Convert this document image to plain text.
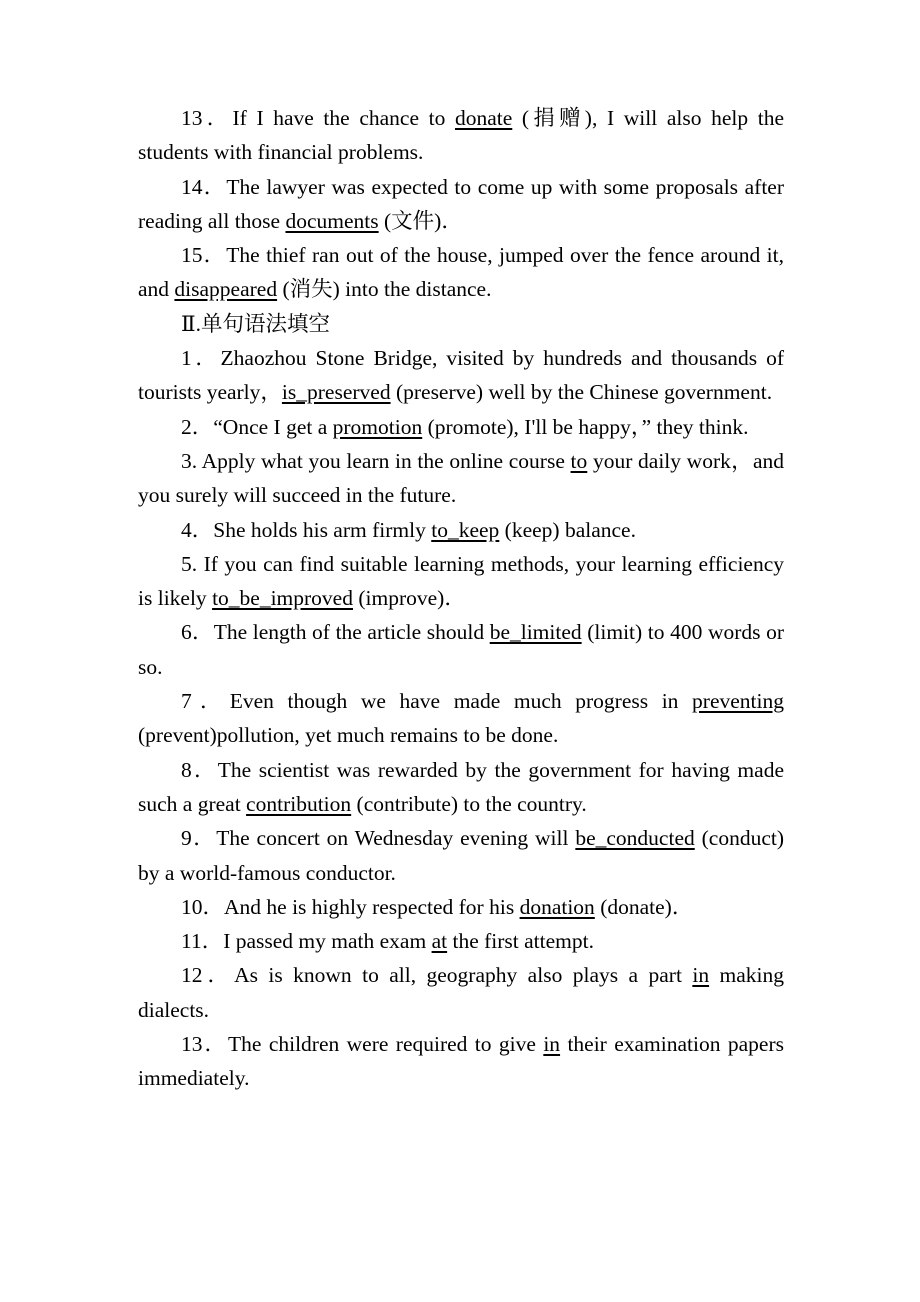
13．If I have the chance to donate (捐赠), I will also help the students with financial problems.

14．The lawyer was expected to come up with some proposals after reading all those documents (文件)．

15．The thief ran out of the house, jumped over the fence around it, and disappeared (消失) into the distance.

Ⅱ.单句语法填空

1．Zhaozhou Stone Bridge, visited by hundreds and thousands of tourists yearly，is_preserved (preserve) well by the Chinese government.

2．“Once I get a promotion (promote), I'll be happy，” they think.

3. Apply what you learn in the online course to your daily work，and you surely will succeed in the future.

4．She holds his arm firmly to_keep (keep) balance.

5. If you can find suitable learning methods, your learning efficiency is likely to_be_improved (improve)．

6．The length of the article should be_limited (limit) to 400 words or so.

7．Even though we have made much progress in preventing (prevent)pollution, yet much remains to be done.

8．The scientist was rewarded by the government for having made such a great contribution (contribute) to the country.

9．The concert on Wednesday evening will be_conducted (conduct) by a world-famous conductor.

10．And he is highly respected for his donation (donate)．

11．I passed my math exam at the first attempt.

12．As is known to all, geography also plays a part in making dialects.

13．The children were required to give in their examination papers immediately.
